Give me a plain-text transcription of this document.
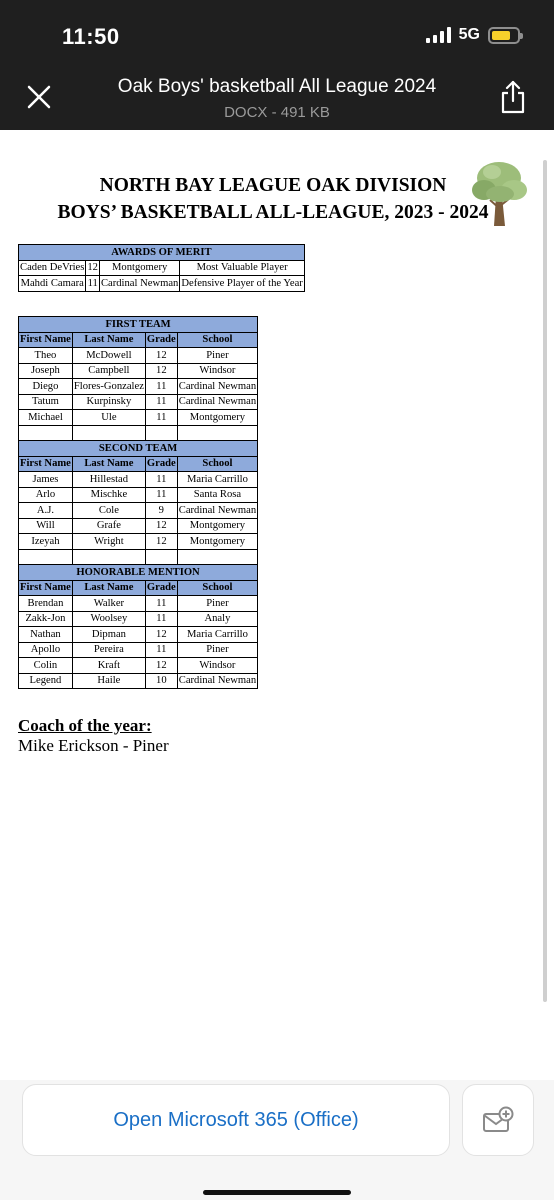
11:50	5G
Oak Boys' basketball All League 2024
DOCX - 491 KB
NORTH BAY LEAGUE OAK DIVISION
BOYS’ BASKETBALL ALL-LEAGUE, 2023 - 2024
AWARDS OF MERIT			
Caden DeVries	12	Montgomery	Most Valuable Player
Mahdi Camara	11	Cardinal Newman	Defensive Player of the Year
FIRST TEAM			
First Name	Last Name	Grade	School
Theo	McDowell	12	Piner
Joseph	Campbell	12	Windsor
Diego	Flores-Gonzalez	11	Cardinal Newman
Tatum	Kurpinsky	11	Cardinal Newman
Michael	Ule	11	Montgomery

SECOND TEAM			
First Name	Last Name	Grade	School
James	Hillestad	11	Maria Carrillo
Arlo	Mischke	11	Santa Rosa
A.J.	Cole	9	Cardinal Newman
Will	Grafe	12	Montgomery
Izeyah	Wright	12	Montgomery

HONORABLE MENTION			
First Name	Last Name	Grade	School
Brendan	Walker	11	Piner
Zakk-Jon	Woolsey	11	Analy
Nathan	Dipman	12	Maria Carrillo
Apollo	Pereira	11	Piner
Colin	Kraft	12	Windsor
Legend	Haile	10	Cardinal Newman
Coach of the year:
Mike Erickson - Piner
Open Microsoft 365 (Office)
